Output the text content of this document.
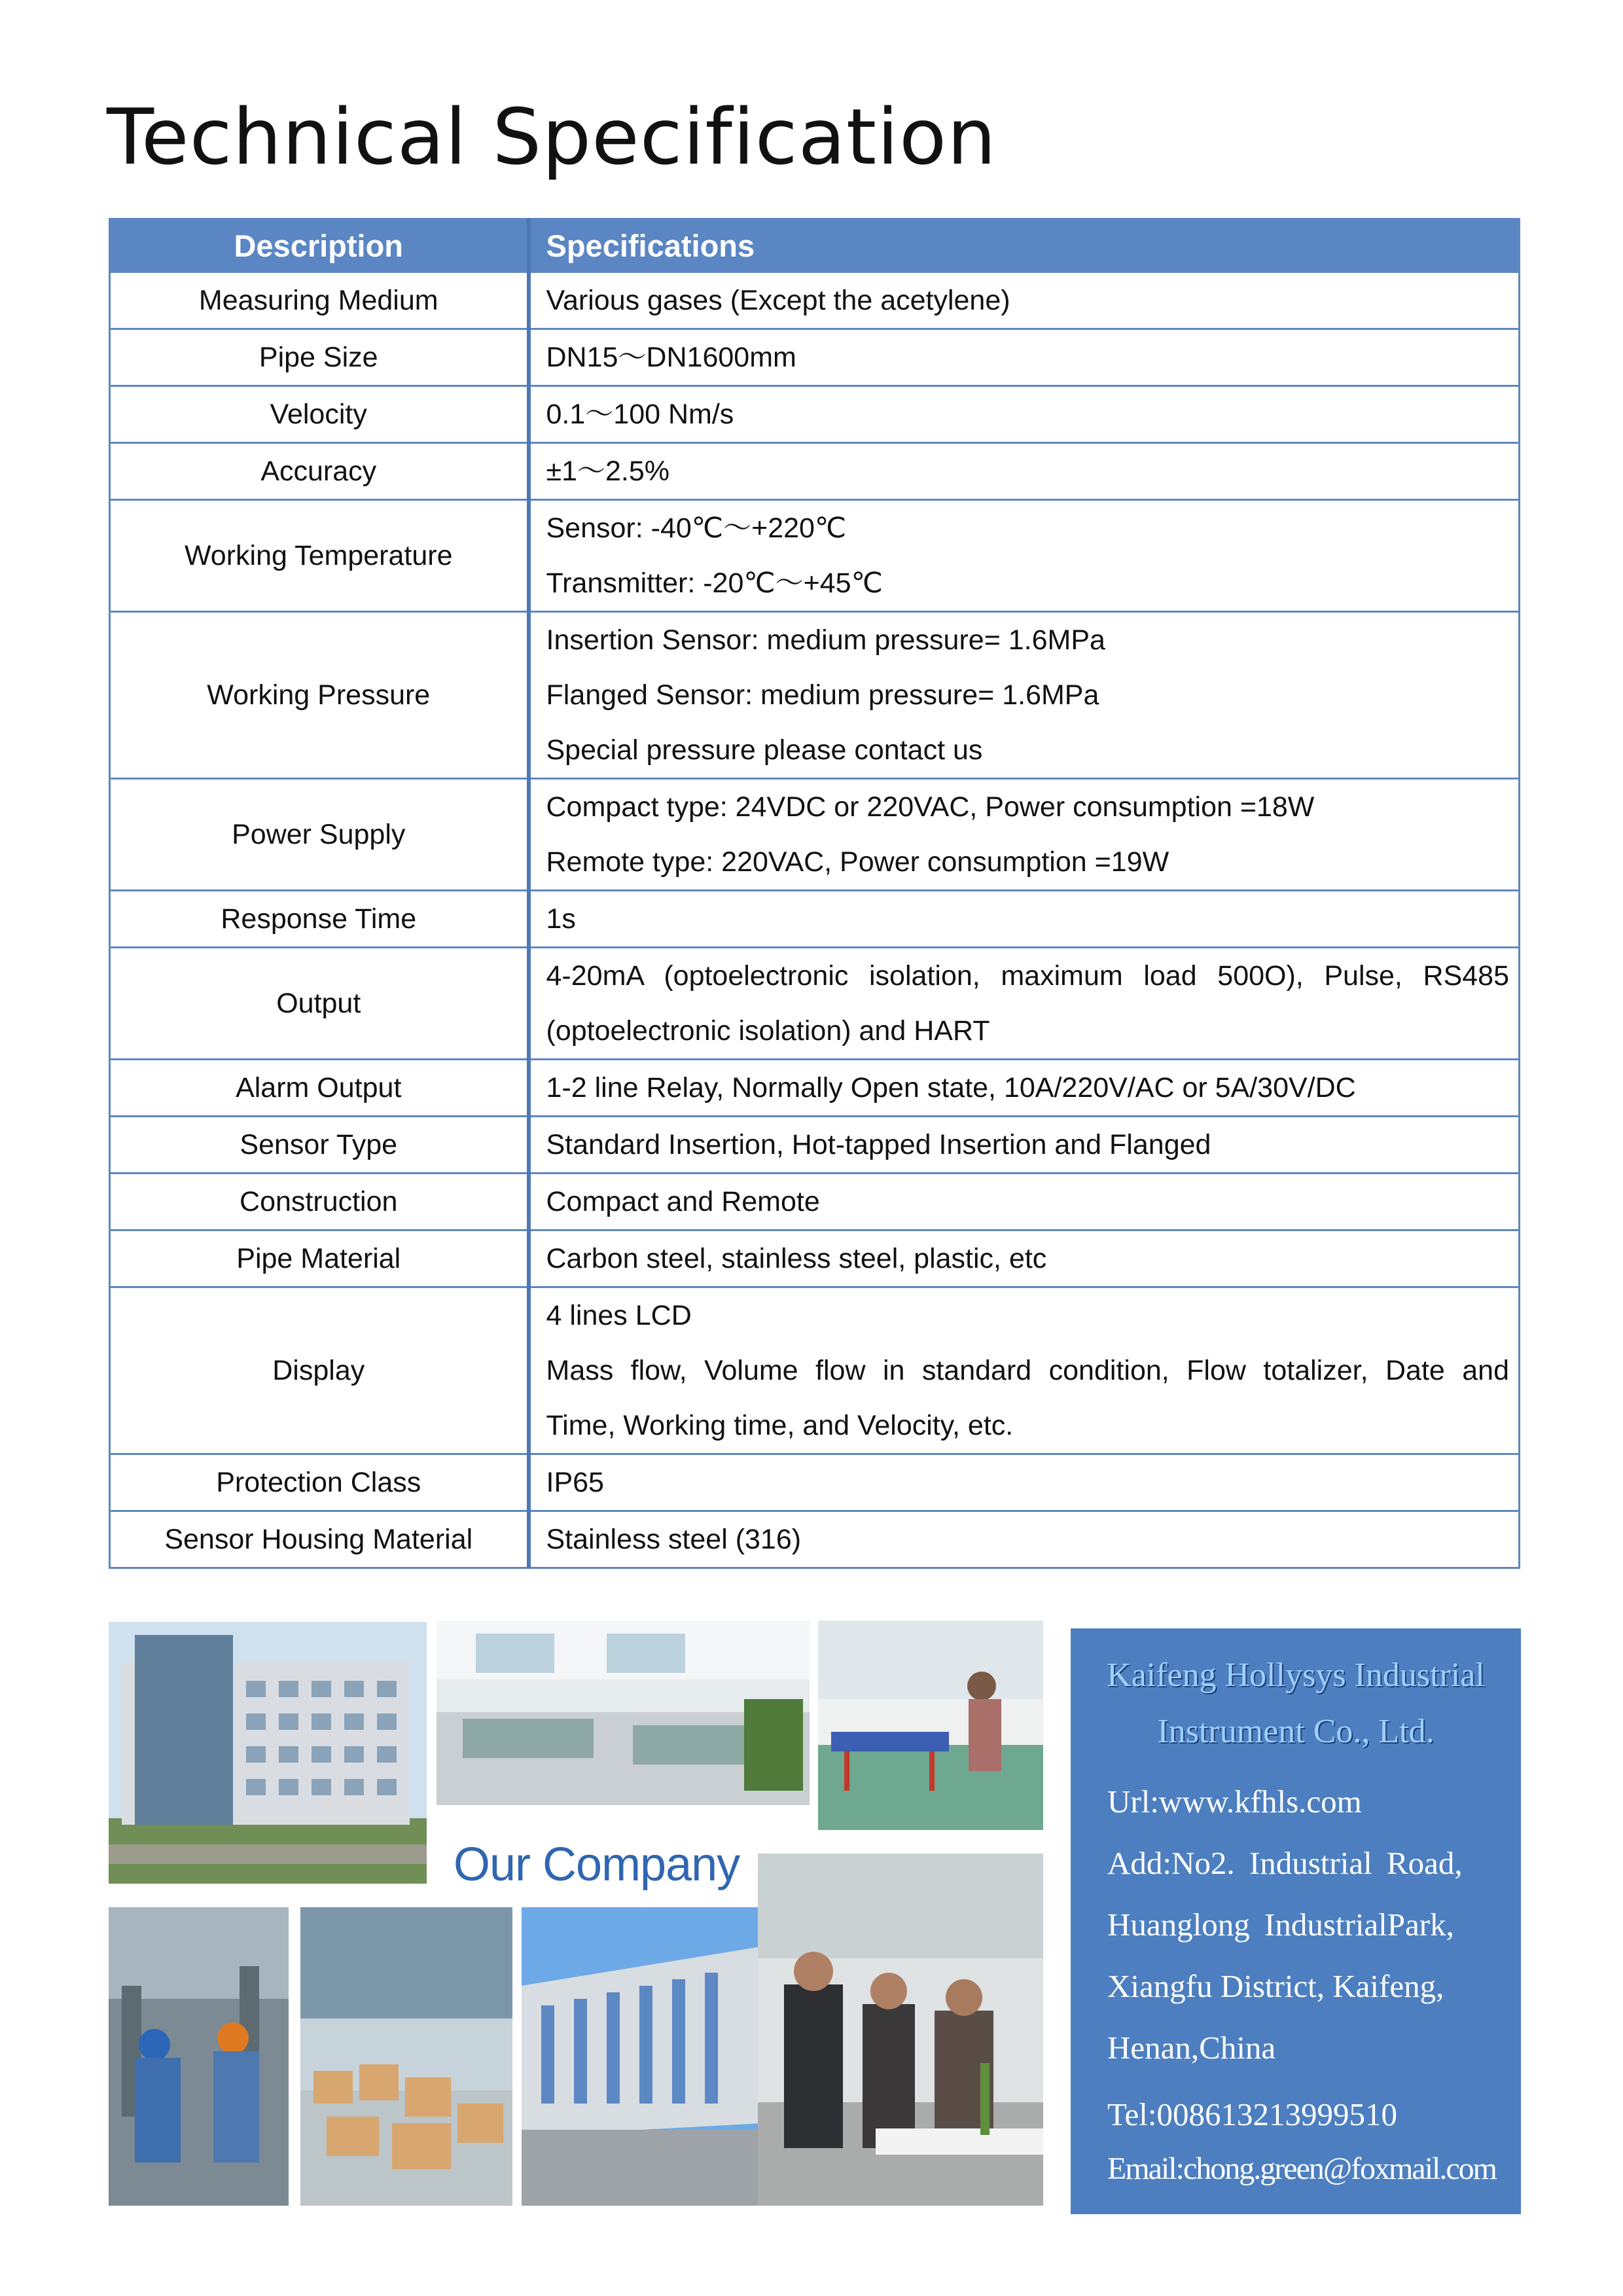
Technical Specification
Description	Specifications
Measuring Medium	Various gases (Except the acetylene)

Pipe Size	DN15～DN1600mm

Velocity	0.1～100 Nm/s

Accuracy	±1～2.5%

Working Temperature	Sensor: -40℃～+220℃
Transmitter: -20℃～+45℃

Working Pressure	Insertion Sensor: medium pressure= 1.6MPa
Flanged Sensor: medium pressure= 1.6MPa
Special pressure please contact us

Power Supply	Compact type: 24VDC or 220VAC, Power consumption =18W
Remote type: 220VAC, Power consumption =19W

Response Time	1s

Output	4-20mA (optoelectronic isolation, maximum load 500O), Pulse, RS485
(optoelectronic isolation) and HART

Alarm Output	1-2 line Relay, Normally Open state, 10A/220V/AC or 5A/30V/DC

Sensor Type	Standard Insertion, Hot-tapped Insertion and Flanged

Construction	Compact and Remote

Pipe Material	Carbon steel, stainless steel, plastic, etc

Display	4 lines LCD
Mass flow, Volume flow in standard condition, Flow totalizer, Date and
Time, Working time, and Velocity, etc.

Protection Class	IP65

Sensor Housing Material	Stainless steel (316)
Our Company
Kaifeng Hollysys Industrial
Instrument Co., Ltd.
Url:www.kfhls.com
Add:No2. Industrial Road,
Huanglong IndustrialPark,
Xiangfu District, Kaifeng,
Henan,China
Tel:008613213999510
Email:chong.green@foxmail.com
